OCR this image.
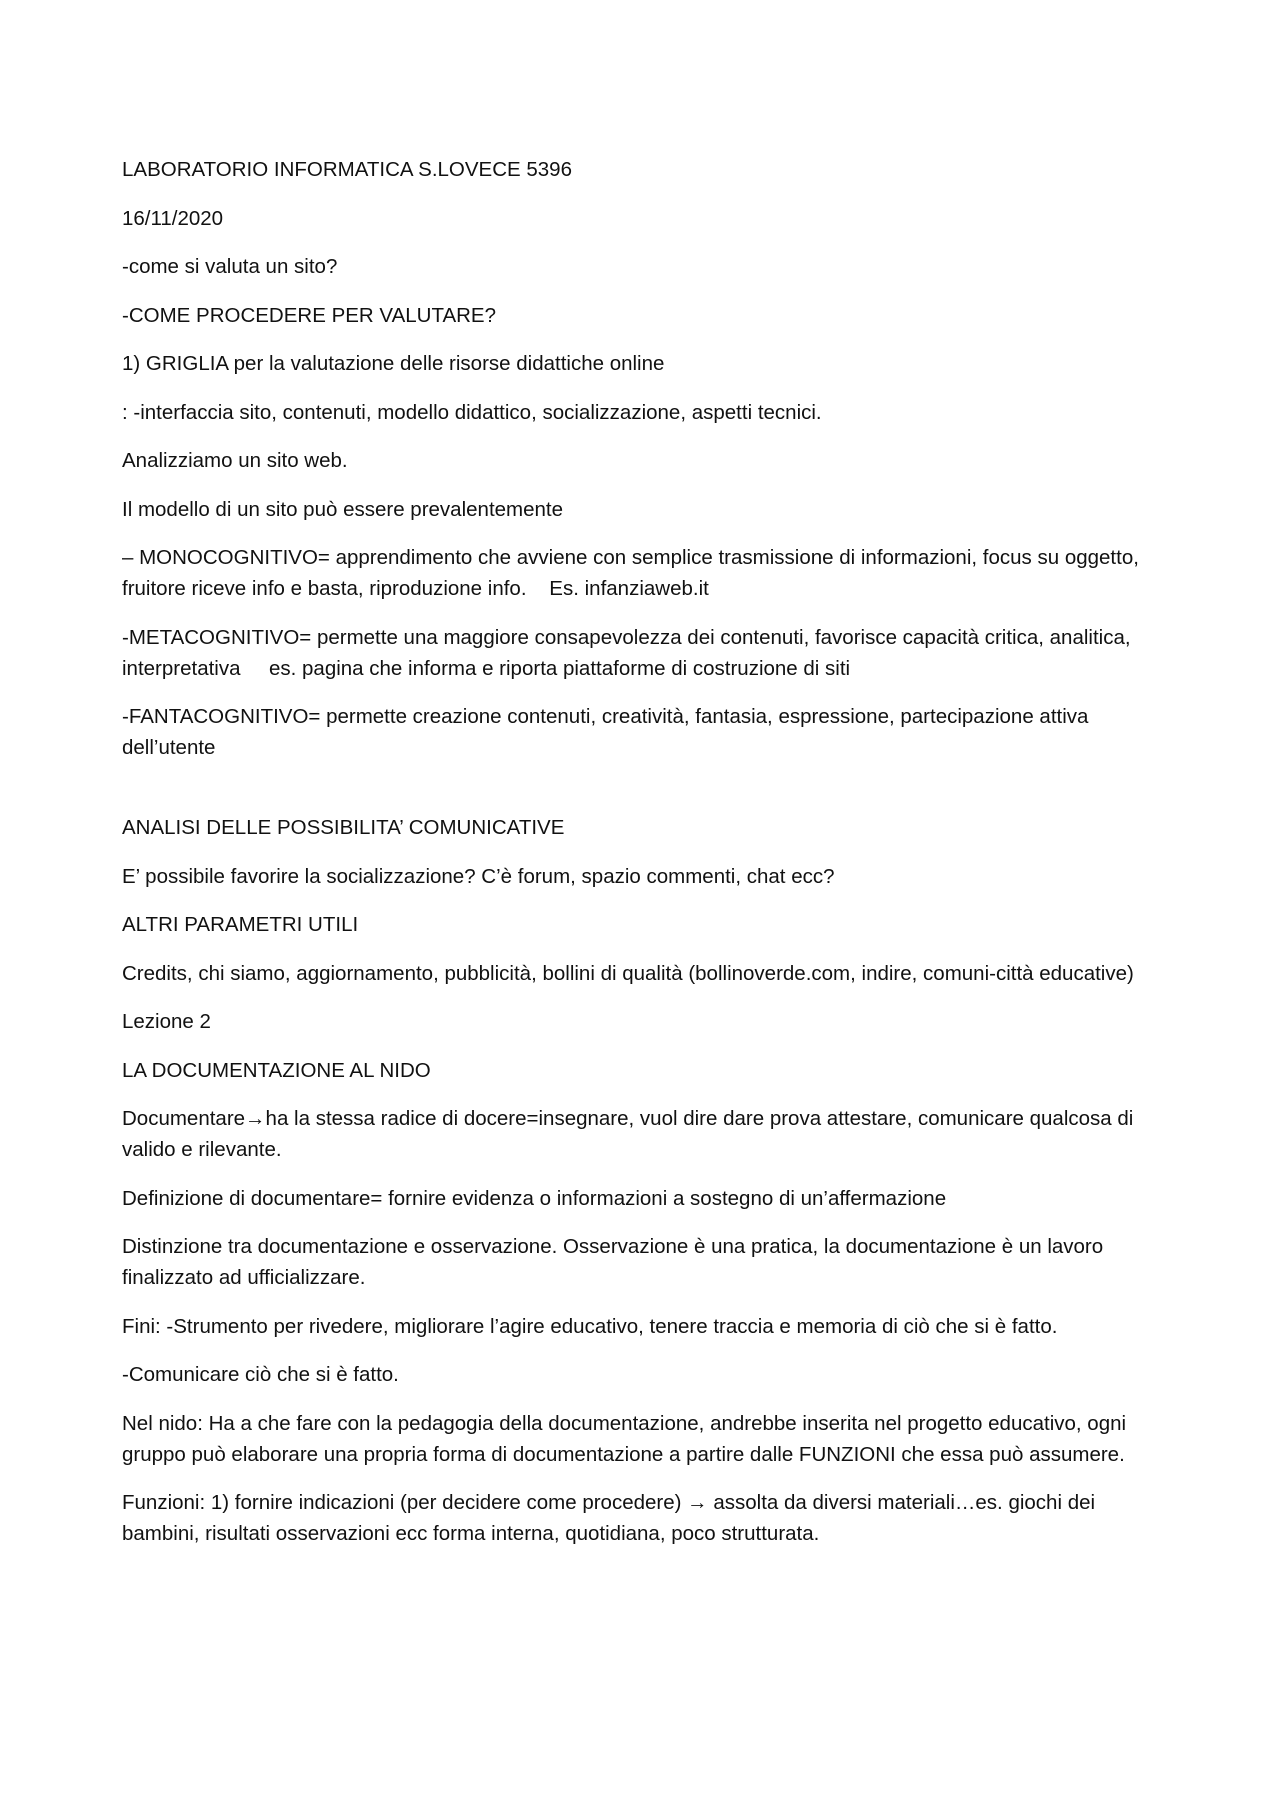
LABORATORIO INFORMATICA S.LOVECE 5396

16/11/2020

-come si valuta un sito?

-COME PROCEDERE PER VALUTARE?

1) GRIGLIA per la valutazione delle risorse didattiche online

: -interfaccia sito, contenuti, modello didattico, socializzazione, aspetti tecnici.

Analizziamo un sito web.

Il modello di un sito può essere prevalentemente

– MONOCOGNITIVO= apprendimento che avviene con semplice trasmissione di informazioni, focus su oggetto, fruitore riceve info e basta, riproduzione info.    Es. infanziaweb.it

-METACOGNITIVO= permette una maggiore consapevolezza dei contenuti, favorisce capacità critica, analitica, interpretativa     es. pagina che informa e riporta piattaforme di costruzione di siti

-FANTACOGNITIVO= permette creazione contenuti, creatività, fantasia, espressione, partecipazione attiva dell’utente

ANALISI DELLE POSSIBILITA’ COMUNICATIVE

E’ possibile favorire la socializzazione? C’è forum, spazio commenti, chat ecc?

ALTRI PARAMETRI UTILI

Credits, chi siamo, aggiornamento, pubblicità, bollini di qualità (bollinoverde.com, indire, comuni-città educative)

Lezione 2

LA DOCUMENTAZIONE AL NIDO

Documentare→ha la stessa radice di docere=insegnare, vuol dire dare prova attestare, comunicare qualcosa di valido e rilevante.

Definizione di documentare= fornire evidenza o informazioni a sostegno di un’affermazione

Distinzione tra documentazione e osservazione. Osservazione è una pratica, la documentazione è un lavoro finalizzato ad ufficializzare.

Fini: -Strumento per rivedere, migliorare l’agire educativo, tenere traccia e memoria di ciò che si è fatto.

-Comunicare ciò che si è fatto.

Nel nido: Ha a che fare con la pedagogia della documentazione, andrebbe inserita nel progetto educativo, ogni gruppo può elaborare una propria forma di documentazione a partire dalle FUNZIONI che essa può assumere.

Funzioni: 1) fornire indicazioni (per decidere come procedere) → assolta da diversi materiali…es. giochi dei bambini, risultati osservazioni ecc forma interna, quotidiana, poco strutturata.
